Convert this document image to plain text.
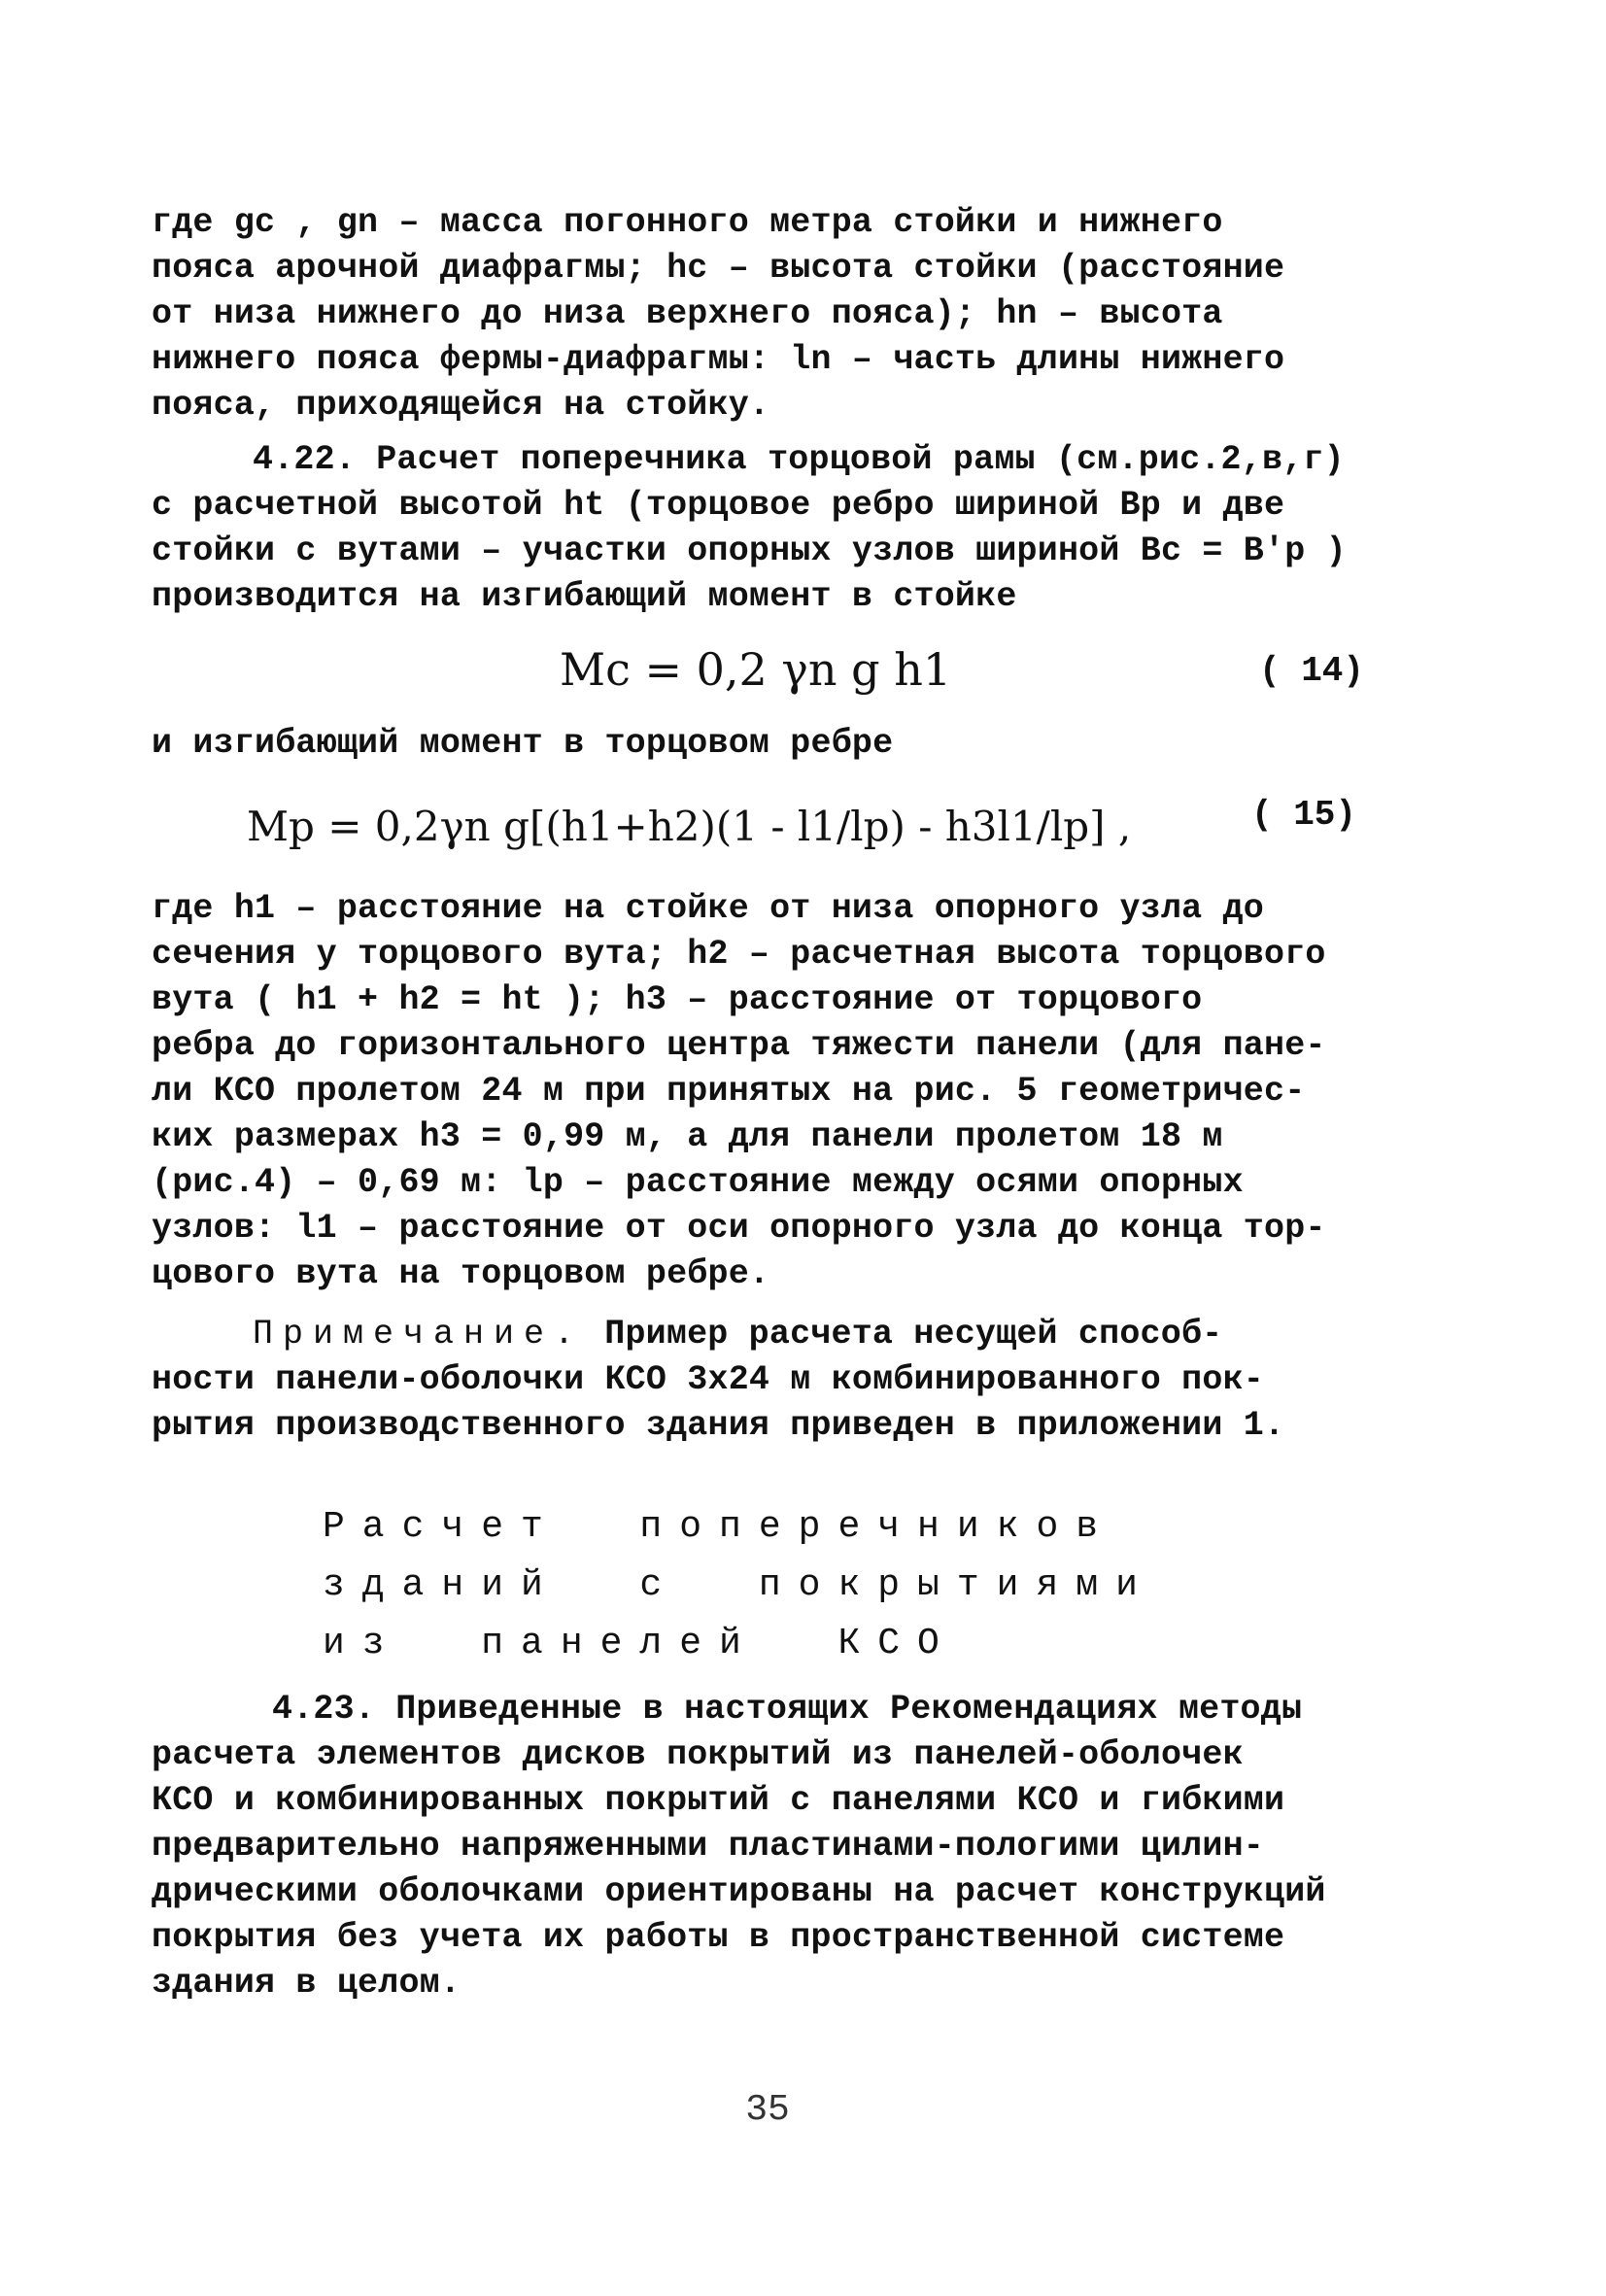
где gc , gn – масса погонного метра стойки и нижнего
пояса арочной диафрагмы; hc – высота стойки (расстояние
от низа нижнего до низа верхнего пояса); hn – высота
нижнего пояса фермы-диафрагмы: ln – часть длины нижнего
пояса, приходящейся на стойку.
4.22. Расчет поперечника торцовой рамы (см.рис.2,в,г)
с расчетной высотой ht (торцовое ребро шириной Bp и две
стойки с вутами – участки опорных узлов шириной Bc = B'p )
производится на изгибающий момент в стойке
Mc = 0,2 γn g h1	( 14)
и изгибающий момент в торцовом ребре
Mp = 0,2γn g[(h1+h2)(1 - l1/lp) - h3l1/lp] ,	( 15)
где h1 – расстояние на стойке от низа опорного узла до
сечения у торцового вута; h2 – расчетная высота торцового
вута ( h1 + h2 = ht ); h3 – расстояние от торцового
ребра до горизонтального центра тяжести панели (для пане-
ли КСО пролетом 24 м при принятых на рис. 5 геометричес-
ких размерах h3 = 0,99 м, а для панели пролетом 18 м
(рис.4) – 0,69 м: lp – расстояние между осями опорных
узлов: l1 – расстояние от оси опорного узла до конца тор-
цового вута на торцовом ребре.
Примечание. Пример расчета несущей способ-
ности панели-оболочки КСО 3х24 м комбинированного пок-
рытия производственного здания приведен в приложении 1.
Расчет  поперечников
зданий  с  покрытиями
из  панелей  КСО
4.23. Приведенные в настоящих Рекомендациях методы
расчета элементов дисков покрытий из панелей-оболочек
КСО и комбинированных покрытий с панелями КСО и гибкими
предварительно напряженными пластинами-пологими цилин-
дрическими оболочками ориентированы на расчет конструкций
покрытия без учета их работы в пространственной системе
здания в целом.
35
